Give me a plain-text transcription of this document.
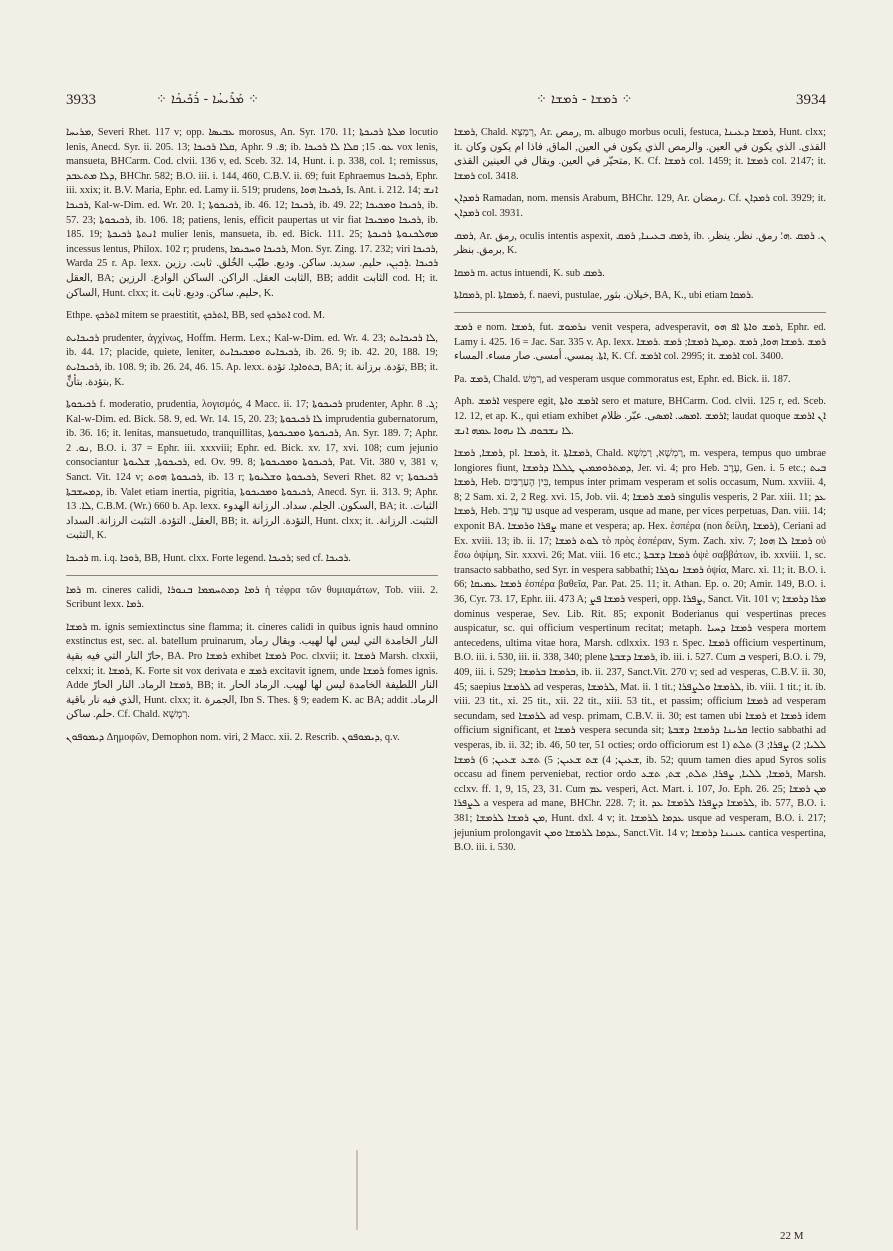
3933	⁘ ܡܰܪܺܝܚܳܐ - ܪܰܟܺܝܟܳܐ ⁘	⁘ ܪܡܫܐ - ܪܡܫܐ ⁘	3934

ܡܪܝܚܐ, Severi Rhet. 117 v; opp. ܥܒܝܣܐ morosus, An. Syr. 170. 11; ܡܠܬܐ ܪܟܝܟܬܐ locutio lenis, Anecd. Syr. ii. 205. 13; ܩܠܐ ܪܟܝܟܐ, Aphr. ܦ. 9; ib. ܥܘ. 15; ܩܠܐ ܠܐ ܪܟܝܟܐ vox lenis, mansueta, BHCarm. Cod. clvii. 136 v, ed. Sceb. 32. 14, Hunt. i. p. 338, col. 1; remissus, ܕܠܐ ܡܬܥܒܕ, BHChr. 582; B.O. iii. i. 144, 460, C.B.V. ii. 69; fuit Ephraemus ܪܟܝܟܐ, Ephr. iii. xxix; it. B.V. Maria, Ephr. ed. Lamy ii. 519; prudens, ܪܟܝܟܐ ܗܘܐ, Is. Ant. i. 212. 14; ܐܢܫ ܪܟܝܟܐ, Kal-w-Dim. ed. Wr. 20. 1; ܪܟܝܟܘܬܐ, ib. 46. 12; ܪܟܝܟܐ, ib. 49. 22; ܪܟܝܟܐ ܘܡܟܝܟܐ, ib. 57. 23; ܪܟܝܟܘܬܐ, ib. 106. 18; patiens, lenis, efficit paupertas ut vir fiat ܪܟܝܟܐ ܘܡܟܝܟܐ, ib. 185. 19; ܐܢܬܬܐ ܪܟܝܟܬܐ mulier lenis, mansueta, ib. ed. Bick. 111. 25; ܡܗܠܟܢܘܬܐ ܪܟܝܟܬܐ incessus lentus, Philox. 102 r; prudens, ܪܟܝܟܐ ܘܚܟܝܡܐ, Mon. Syr. Zing. 17. 232; viri ܪܟܝܟܐ, Warda 25 r. Ap. lexx. ܪܟܝܟܐ .ܪܸܟܝܼܢ، حليم. سديد. ساكن. وديع. طيّب الخُلق. ثابت. رزين العقل, BA; الثابت العقل. الراكن. الساكن الوادع. الرزين, BB; addit الثابت cod. H; it. الساكن, Hunt. clxx; it. حليم. ساكن. وديع. ثابت, K.

Ethpe. ܐܬܪܟܟ mitem se praestitit, ܐܬܪܟܟ, BB, sed ܐܬܪܟܟ cod. M.

ܪܟܝܟܐܝܬ prudenter, ἀγχίνως, Hoffm. Herm. Lex.; Kal-w-Dim. ed. Wr. 4. 23; ܠܐ ܪܟܝܟܐܝܬ, ib. 44. 17; placide, quiete, leniter, ܪܟܝܟܐܝܬ ܘܡܟܝܟܐܝܬ, ib. 26. 9; ib. 42. 20, 188. 19; ܪܟܝܟܐܝܬ, ib. 108. 9; ib. 26. 24, 46. 15. Ap. lexx. ܒܬܘܐܕܐ. تؤدة, BA; it. تؤدة. برزانة, BB; it. بتؤدة. بتأنٍّ, K.

ܪܟܝܟܘܬܐ f. moderatio, prudentia, λογισμός, 4 Macc. ii. 17; ܪܟܝܟܘܬܐ prudenter, Aphr. ܓ. 8; Kal-w-Dim. ed. Bick. 58. 9, ed. Wr. 14. 15, 20. 23; ܠܐ ܪܟܝܟܘܬܐ imprudentia gubernatorum, ib. 36. 16; it. lenitas, mansuetudo, tranquillitas, ܪܟܝܟܘܬܐ ܘܡܟܝܟܘܬܐ, An. Syr. 189. 7; Aphr. ܢܘ. 2, B.O. i. 37 = Ephr. iii. xxxviii; Ephr. ed. Bick. xv. 17, xvi. 108; cum jejunio consociantur ܪܟܝܟܘܬܐ, ܫܠܝܘܬܐ, ed. Ov. 99. 8; ܪܟܝܟܘܬܐ ܘܡܟܝܟܘܬܐ, Pat. Vit. 380 v, 381 v, Sanct. Vit. 124 v; ܪܟܝܟܘܬܐ ܗܘܬ, ib. 13 r; ܪܟܝܟܘܬܐ ܘܫܠܝܘܬܐ, Severi Rhet. 82 v; ܪܟܝܟܘܬܐ ܕܡܚܫܒܬܐ, ib. Valet etiam inertia, pigritia, ܪܟܝܟܘܬܐ ܘܡܟܝܟܘܬܐ, Anecd. Syr. ii. 313. 9; Aphr. ܠܐ. 13, C.B.M. (Wr.) 660 b. Ap. lexx. السكون. الحِلم. سداد. الرزانة الهدوء, BA; it. الثبات. العقل. التؤدة. التثبت الرزانة. السداد, BB; it. التؤدة. الرزانة, Hunt. clxx; it. التثبت. الرزانة. التثبت, K.

ܪܟܝܟܐ m. i.q. ܪܘܟܐ, BB, Hunt. clxx. Forte legend. ܪܟܝܟܐ; sed cf. ܪܟܝܟܐ.

ܪܡܐ m. cineres calidi, ܪܡܐ ܕܡܬܚܡܡܐ ܒܢܘܪܐ ἡ τέφρα τῶν θυμιαμάτων, Tob. viii. 2. Scribunt lexx. ܪܡܐ.

ܪܡܫܐ m. ignis semiextinctus sine flamma; it. cineres calidi in quibus ignis haud omnino exstinctus est, sec. al. batellum pruinarum, النار الخامدة التي ليس لها لهيب. ويقال رماد حارّ النار التي فيه بقية, BA. Pro ܪܡܫܐ exhibet ܪܡܫܐ Poc. clxvii; it. ܪܡܫܐ Marsh. clxxii, celxxi; it. ܪܡܫܐ, K. Forte sit vox derivata e ܪܡܫ excitavit ignem, unde ܪܡܫܐ fomes ignis. Adde ܪܡܫܐ الرماد. النار الحارّ, BB; it. النار اللطيفة الخامدة ليس لها لهيب. الرماد الحار الذي فيه نار باقية, Hunt. clxx; it. الجمرة, Ibn S. Thes. § 9; eadem K. ac BA; addit الرماد. حلم. ساكن. Cf. Chald. רְמָשָׁא.

ܕܝܡܘܦܘܢ Δημοφῶν, Demophon nom. viri, 2 Macc. xii. 2. Rescrib. ܕܝܡܘܦܘܢ, q.v.

ܪܡܫܐ, Chald. רְמָצָא, Ar. رمص, m. albugo morbus oculi, festuca, ܪܡܫܐ ܕܥܝܢܐ, Hunt. clxx; it. القذى. الذي يكون في العين. والرمص الذي يكون في العين, الماق, فاذا ام يكون وكان متحيّر في العين. ويقال في العينين القذى, K. Cf. ܪܡܫܐ col. 1459; it. ܪܡܫܐ col. 2147; it. ܪܡܫܐ col. 3418.

ܪܡܕܐܢ Ramadan, nom. mensis Arabum, BHChr. 129, Ar. رمضان. Cf. ܪܡܕܐܢ col. 3929; it. ܪܡܕܐܢ col. 3931.

ܪܡܩ, Ar. رمق, oculis intentis aspexit, ܪܡܩ ܒܥܝܢܐ, ܪܡܩ, ib. ܢ. ܪܡܩ .ܗ؛ رمق. نظر. ينظر. برمق. بنظر, K.

ܪܡܩܐ m. actus intuendi, K. sub ܪܡܩ.

ܪܡܩܐܬܐ, pl. ܪܡܩܐܬܐ, f. naevi, pustulae, خيلان. بثور, BA, K., ubi etiam ܪܡܩܐ.

ܪܡܫ e nom. ܪܡܫܐ, fut. ܢܪܡܘܫ venit vespera, advesperavit, ܪܡܫ ܘܐܬܐ ܐܦ ܗܘ, Ephr. ed. Lamy i. 425. 16 = Jac. Sar. 335 v. Ap. lexx. ܪܡܫ .ܪܡܫܐ ܗܘܐ, ܪܡܫ .ܕܡܛܐ ܪܡܫܐ; ܪܡܫ .ܪܡܫܐ ܐܬܐ. يمسي. أمسى. صار مساء. المساء, K. Cf. ܐܪܡܫ col. 2995; it. ܐܪܡܫ col. 3400.

Pa. ܪܡܫ, Chald. רַמֵּשׁ, ad vesperam usque commoratus est, Ephr. ed. Bick. ii. 187.

Aph. ܐܪܡܫ vespere egit, ܐܪܡܫ ܘܐܬܐ sero et mature, BHCarm. Cod. clvii. 125 r, ed. Sceb. 12. 12, et ap. K., qui etiam exhibet ܐܪܡܫ .ܐܡܣܝ. ܐܡܣى. عبّر. ظلام; laudat quoque ܐܢ ܐܪܡܫ ܠܐ ܢܫܒܘܩ ܠܐ ܢܗܘܐ ܥܡܗ ܐܢܫ.

ܪܡܫܐ, ܪܡܫܐ, pl. ܪܡܫܐ, it. ܪܡܫܐܬܐ, Chald. רַמְשָׁא, רַמְשָׁא, m. vespera, tempus quo umbrae longiores fiunt, ܕܡܬܪܘܡܡܝܢ ܛܠܠܐ ܕܪܡܫܐ, Jer. vi. 4; pro Heb. עֶרֶב, Gen. i. 5 etc.; ܒܝܬ ܪܡܫܐ, Heb. בֵּין הָעַרְבַּיִם, tempus inter primam vesperam et solis occasum, Num. xxviii. 4, 8; 2 Sam. xi. 2, 2 Reg. xvi. 15, Job. vii. 4; ܪܡܫ ܪܡܫܐ singulis vesperis, 2 Par. xiii. 11; ܥܕ ܪܡܫܐ, Heb. עַד עֶרֶב usque ad vesperam, usque ad mane, per vices perpetuas, Dan. viii. 14; exponit BA. ܨܦܪܐ ܘܪܡܫܐ mane et vespera; ap. Hex. ἑσπέρα (non δείλη, ܪܡܫܐ), Ceriani ad Ex. xviii. 13; ib. ii. 17; ܠܘܬ ܪܡܫܐ τὸ πρὸς ἑσπέραν, Sym. Zach. xiv. 7; ܪܡܫܐ ܠܐ ܗܘܐ οὐ ἔσω ὀψίμη, Sir. xxxvi. 26; Mat. viii. 16 etc.; ܪܡܫܐ ܕܫܒܬܐ ὀψὲ σαββάτων, ib. xxviii. 1, sc. transacto sabbatho, sed Syr. in vespera sabbathi; ܪܡܫܐ ܢܘܓܪܐ ὀψία, Marc. xi. 11; it. B.O. i. 66; ܪܡܫܐ ܥܡܝܩܐ ἑσπέρα βαθεῖα, Par. Pat. 25. 11; it. Athan. Ep. o. 20; Amir. 149, B.O. i. 36, Cyr. 73. 17, Ephr. iii. 473 A; ܪܡܫܐ ܦܨ vesperi, opp. ܨܦܪܐ, Sanct. Vit. 101 v; ܡܪܐ ܕܪܡܫܐ dominus vesperae, Sev. Lib. Rit. 85; exponit Boderianus qui vespertinas preces auspicatur, sc. qui officium vespertinum recitat; metaph. ܪܡܫܐ ܕܚܝܐ vespera mortem antecedens, ultima vitae hora, Marsh. cdlxxix. 193 r. Spec. ܪܡܫܐ officium vespertinum, B.O. iii. i. 530, iii. ii. 338, 340; plene ܪܡܫܐ ܕܫܒܬܐ, ib. iii. i. 527. Cum ܒ vesperi, B.O. i. 79, 409, iii. i. 529; ܒܪܡܫܐ ܒܪܡܫܐ, ib. ii. 237, Sanct.Vit. 270 v; sed ad vesperas, C.B.V. ii. 30, 45; saepius ܠܪܡܫܐ ad vesperas, ܠܪܡܫܐ, Mat. ii. 1 tit.; ܠܪܡܫܐ ܘܠܨܦܪܐ, ib. viii. 1 tit.; it. ib. viii. 23 tit., xi. 25 tit., xii. 22 tit., xiii. 53 tit., et passim; officium ܪܡܫܐ ad vesperam secundam, sed ܠܪܡܫܐ ad vesp. primam, C.B.V. ii. 30; est tamen ubi ܪܡܫܐ et ܪܡܫܐ idem officium significant, et ܪܡܫܐ vespera secunda sit; ܩܪܝܢܐ ܕܪܡܫܐ ܕܫܒܬܐ lectio sabbathi ad vesperas, ib. ii. 32; ib. 46, 50 ter, 51 octies; ordo officiorum est 1) ܠܠܝܐ; 2) ܨܦܪܐ; 3) ܬܠܬ ܫܥܝܢ; 4) ܫܬ ܫܥܝܢ; 5) ܬܫܥ ܫܥܝܢ; 6) ܪܡܫܐ, ib. 52; quum tamen dies apud Syros solis occasu ad finem perveniebat, rectior ordo ܪܡܫܐ, ܠܠܝܐ, ܨܦܪܐ, ܬܠܬ, ܫܬ, ܬܫܥ, Marsh. cclxv. ff. 1, 9, 15, 23, 31. Cum ܥܡ vesperi, Act. Mart. i. 107, Jo. Eph. 26. 25; ܡܢ ܪܡܫܐ ܠܨܦܪܐ a vespera ad mane, BHChr. 228. 7; it. ܠܪܡܫܐ ܕܨܦܪܐ ܠܪܡܫܐ ܥܕ, ib. 577, B.O. i. 381; ܡܢ ܪܡܫܐ ܠܪܡܫܐ, Hunt. dxl. 4 v; it. ܥܕܡܐ ܠܪܡܫܐ usque ad vesperam, B.O. i. 217; jejunium prolongavit ܥܕܡܐ ܠܪܡܫܐ ܘܡܢ, Sanct.Vit. 14 v; ܥܢܝܢܐ ܕܪܡܫܐ cantica vespertina, B.O. iii. i. 530.

22 M
